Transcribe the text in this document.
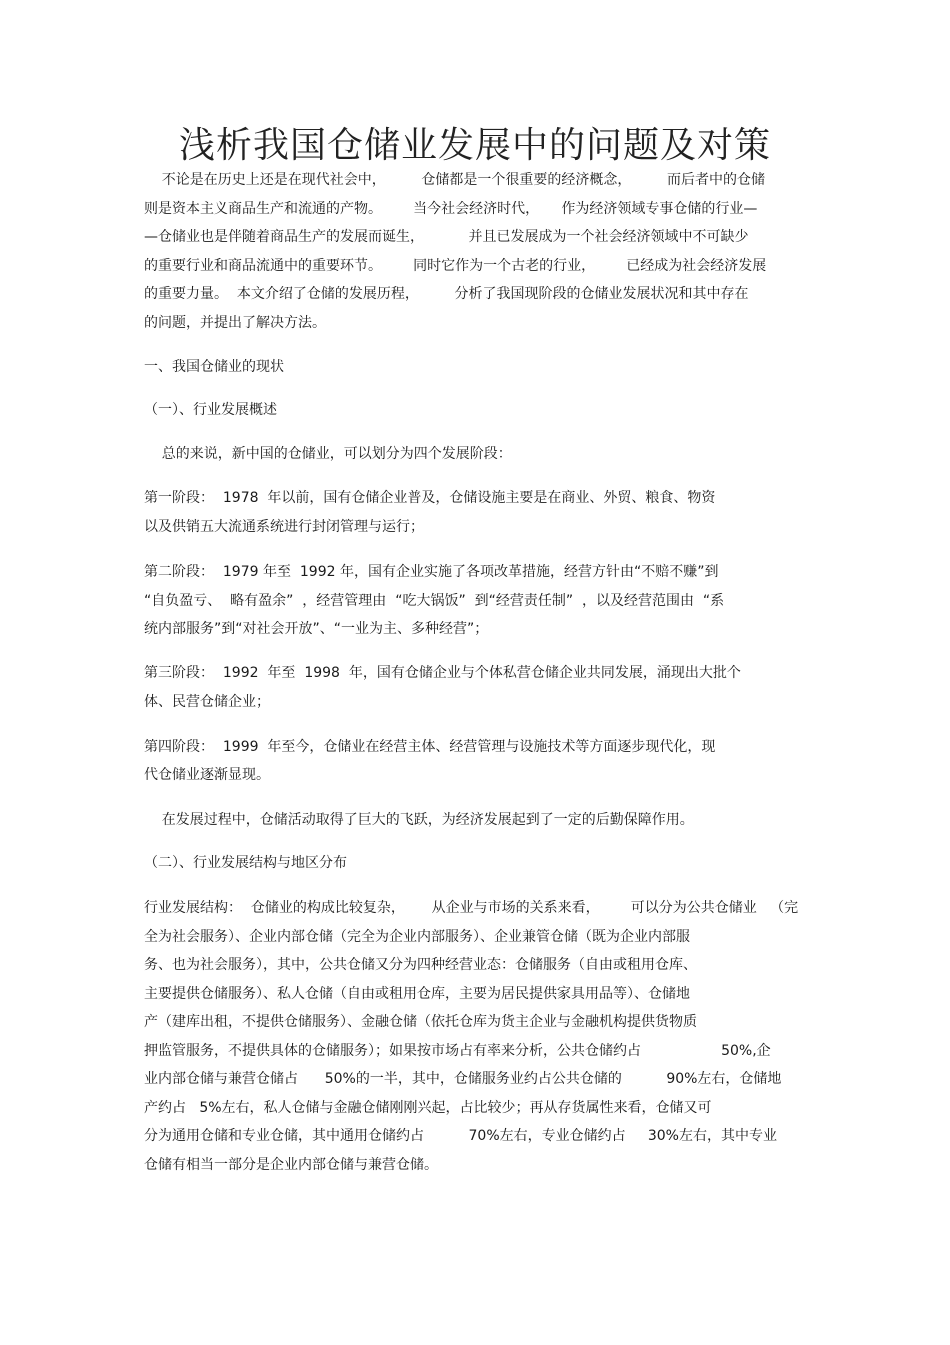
浅析我国仓储业发展中的问题及对策
不论是在历史上还是在现代社会中，        仓储都是一个很重要的经济概念，        而后者中的仓储
则是资本主义商品生产和流通的产物。       当今社会经济时代，     作为经济领域专事仓储的行业—
—仓储业也是伴随着商品生产的发展而诞生，          并且已发展成为一个社会经济领域中不可缺少
的重要行业和商品流通中的重要环节。       同时它作为一个古老的行业，       已经成为社会经济发展
的重要力量。  本文介绍了仓储的发展历程，        分析了我国现阶段的仓储业发展状况和其中存在
的问题，并提出了解决方法。
一、我国仓储业的现状
（一）、行业发展概述
总的来说，新中国的仓储业，可以划分为四个发展阶段：
第一阶段：  1978  年以前，国有仓储企业普及，仓储设施主要是在商业、外贸、粮食、物资
以及供销五大流通系统进行封闭管理与运行；
第二阶段：  1979 年至  1992 年，国有企业实施了各项改革措施，经营方针由“不赔不赚”到
“自负盈亏、  略有盈余”  ，经营管理由  “吃大锅饭”  到“经营责任制”  ，以及经营范围由  “系
统内部服务”到“对社会开放”、“一业为主、多种经营”；
第三阶段：  1992  年至  1998  年，国有仓储企业与个体私营仓储企业共同发展，涌现出大批个
体、民营仓储企业；
第四阶段：  1999  年至今，仓储业在经营主体、经营管理与设施技术等方面逐步现代化，现
代仓储业逐渐显现。
在发展过程中，仓储活动取得了巨大的飞跃，为经济发展起到了一定的后勤保障作用。
（二）、行业发展结构与地区分布
行业发展结构：  仓储业的构成比较复杂，      从企业与市场的关系来看，       可以分为公共仓储业   （完
全为社会服务）、企业内部仓储（完全为企业内部服务）、企业兼管仓储（既为企业内部服
务、也为社会服务），其中，公共仓储又分为四种经营业态：仓储服务（自由或租用仓库、
主要提供仓储服务）、私人仓储（自由或租用仓库，主要为居民提供家具用品等）、仓储地
产（建库出租，不提供仓储服务）、金融仓储（依托仓库为货主企业与金融机构提供货物质
押监管服务，不提供具体的仓储服务）；如果按市场占有率来分析，公共仓储约占                  50%,企
业内部仓储与兼营仓储占      50%的一半，其中，仓储服务业约占公共仓储的          90%左右，仓储地
产约占   5%左右，私人仓储与金融仓储刚刚兴起，占比较少；再从存货属性来看，仓储又可
分为通用仓储和专业仓储，其中通用仓储约占          70%左右，专业仓储约占     30%左右，其中专业
仓储有相当一部分是企业内部仓储与兼营仓储。
